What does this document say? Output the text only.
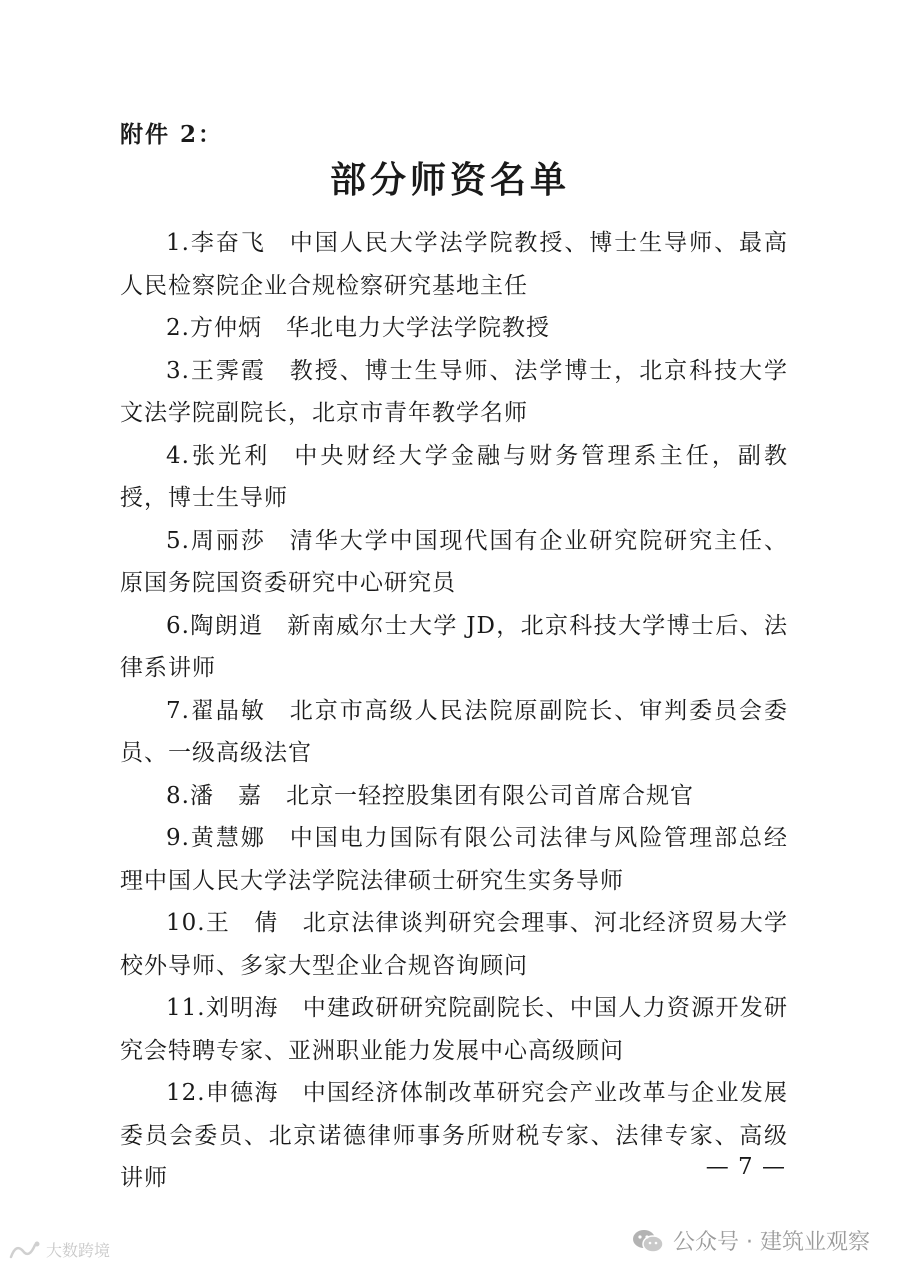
附件 2：
部分师资名单

1.李奋飞 中国人民大学法学院教授、博士生导师、最高人民检察院企业合规检察研究基地主任

2.方仲炳 华北电力大学法学院教授

3.王霁霞 教授、博士生导师、法学博士，北京科技大学文法学院副院长，北京市青年教学名师

4.张光利 中央财经大学金融与财务管理系主任，副教授，博士生导师

5.周丽莎 清华大学中国现代国有企业研究院研究主任、原国务院国资委研究中心研究员

6.陶朗逍 新南威尔士大学 JD，北京科技大学博士后、法律系讲师

7.翟晶敏 北京市高级人民法院原副院长、审判委员会委员、一级高级法官

8.潘　嘉 北京一轻控股集团有限公司首席合规官

9.黄慧娜 中国电力国际有限公司法律与风险管理部总经理中国人民大学法学院法律硕士研究生实务导师

10.王　倩 北京法律谈判研究会理事、河北经济贸易大学校外导师、多家大型企业合规咨询顾问

11.刘明海 中建政研研究院副院长、中国人力资源开发研究会特聘专家、亚洲职业能力发展中心高级顾问

12.申德海 中国经济体制改革研究会产业改革与企业发展委员会委员、北京诺德律师事务所财税专家、法律专家、高级讲师	— 7 —
公众号 · 建筑业观察
大数跨境
